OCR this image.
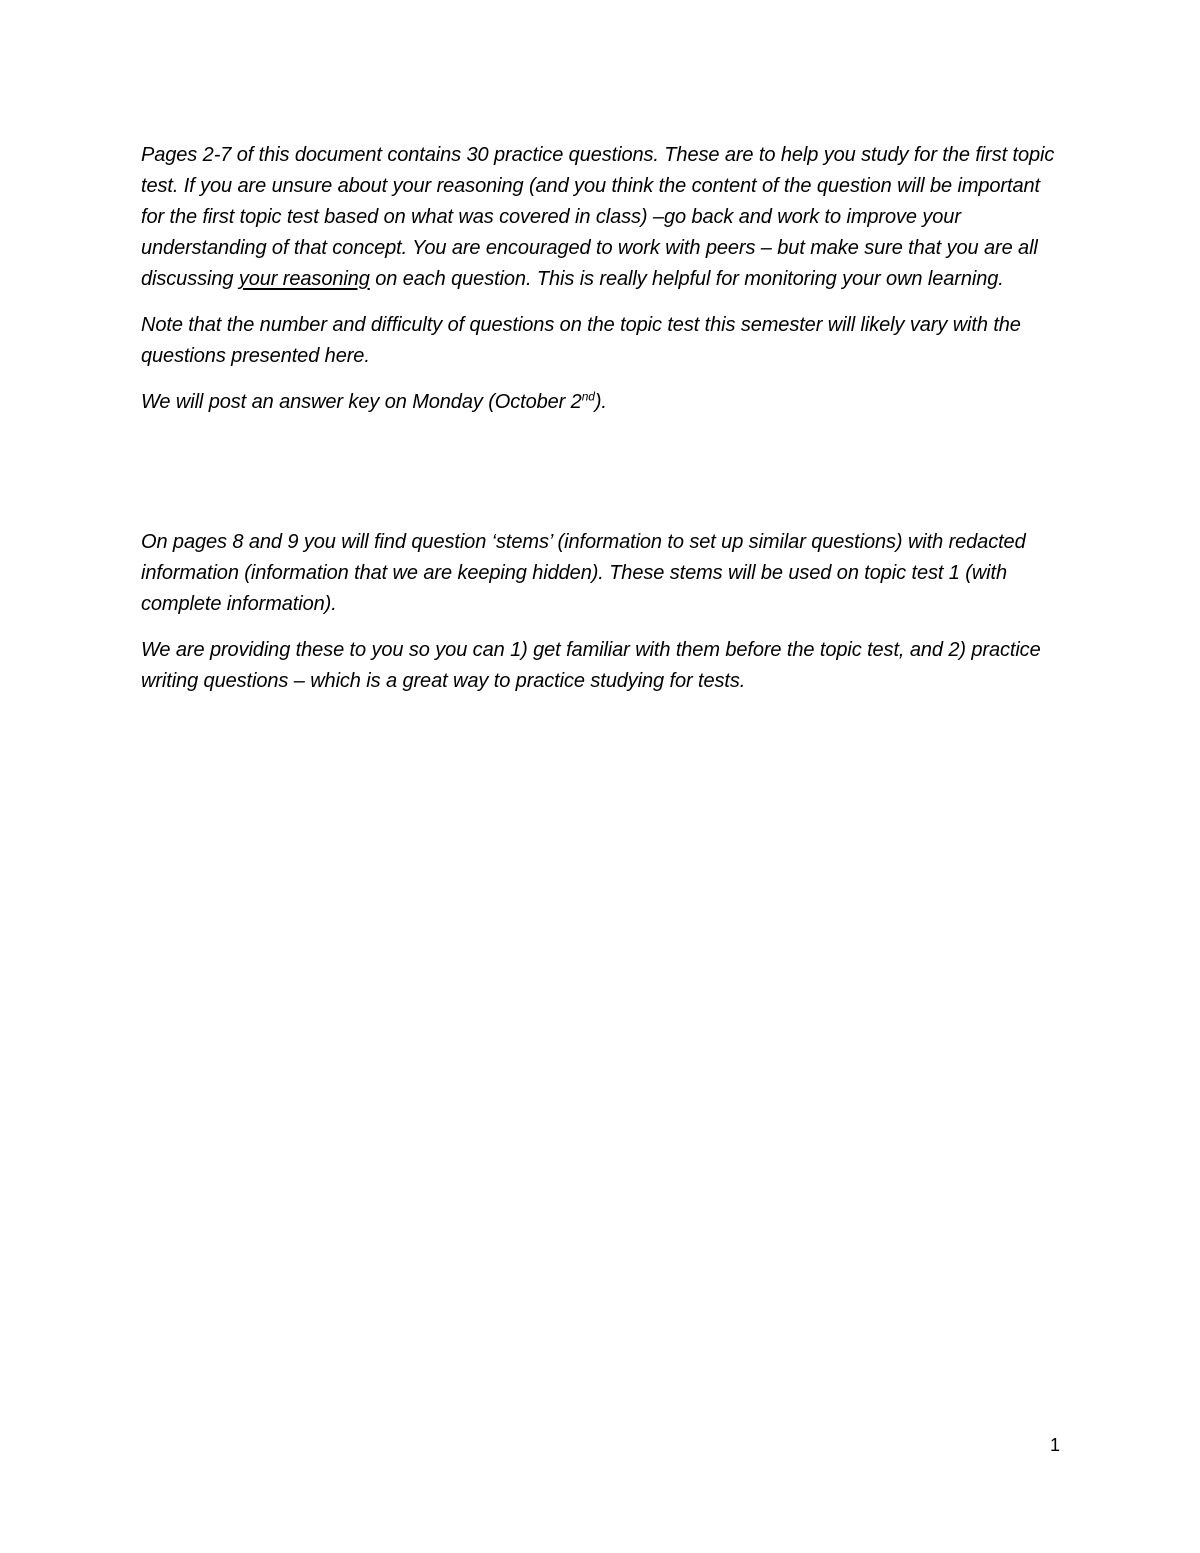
Pages 2-7 of this document contains 30 practice questions. These are to help you study for the first topic test. If you are unsure about your reasoning (and you think the content of the question will be important for the first topic test based on what was covered in class) –go back and work to improve your understanding of that concept. You are encouraged to work with peers – but make sure that you are all discussing your reasoning on each question. This is really helpful for monitoring your own learning.

Note that the number and difficulty of questions on the topic test this semester will likely vary with the questions presented here.

We will post an answer key on Monday (October 2nd).

On pages 8 and 9 you will find question ‘stems’ (information to set up similar questions) with redacted information (information that we are keeping hidden). These stems will be used on topic test 1 (with complete information).

We are providing these to you so you can 1) get familiar with them before the topic test, and 2) practice writing questions – which is a great way to practice studying for tests.

1
